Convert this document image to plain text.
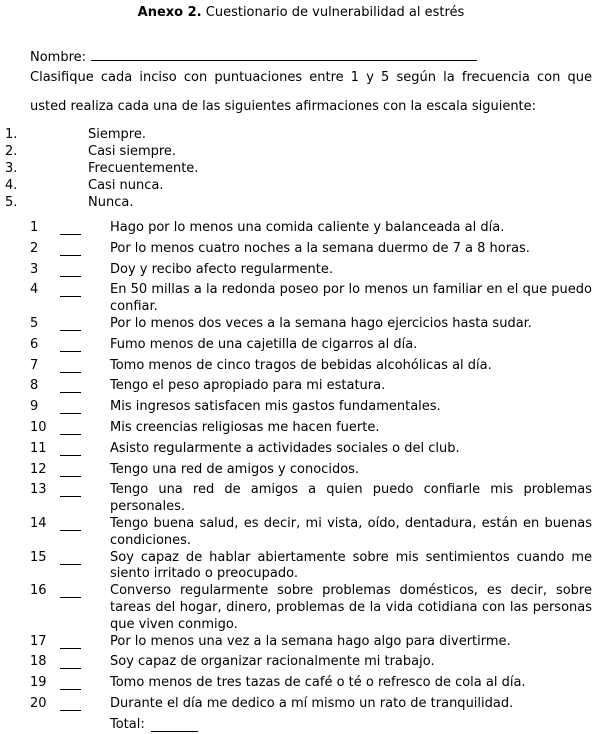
Anexo 2. Cuestionario de vulnerabilidad al estrés
Nombre:
Clasifique cada inciso con puntuaciones entre 1 y 5 según la frecuencia con que usted realiza cada una de las siguientes afirmaciones con la escala siguiente:
1.	Siempre.
2.	Casi siempre.
3.	Frecuentemente.
4.	Casi nunca.
5.	Nunca.
1	Hago por lo menos una comida caliente y balanceada al día.
2	Por lo menos cuatro noches a la semana duermo de 7 a 8 horas.
3	Doy y recibo afecto regularmente.
4	En 50 millas a la redonda poseo por lo menos un familiar en el que puedo confiar.
5	Por lo menos dos veces a la semana hago ejercicios hasta sudar.
6	Fumo menos de una cajetilla de cigarros al día.
7	Tomo menos de cinco tragos de bebidas alcohólicas al día.
8	Tengo el peso apropiado para mi estatura.
9	Mis ingresos satisfacen mis gastos fundamentales.
10	Mis creencias religiosas me hacen fuerte.
11	Asisto regularmente a actividades sociales o del club.
12	Tengo una red de amigos y conocidos.
13	Tengo una red de amigos a quien puedo confiarle mis problemas personales.
14	Tengo buena salud, es decir, mi vista, oído, dentadura, están en buenas condiciones.
15	Soy capaz de hablar abiertamente sobre mis sentimientos cuando me siento irritado o preocupado.
16	Converso regularmente sobre problemas domésticos, es decir, sobre tareas del hogar, dinero, problemas de la vida cotidiana con las personas que viven conmigo.
17	Por lo menos una vez a la semana hago algo para divertirme.
18	Soy capaz de organizar racionalmente mi trabajo.
19	Tomo menos de tres tazas de café o té o refresco de cola al día.
20	Durante el día me dedico a mí mismo un rato de tranquilidad.
Total:
